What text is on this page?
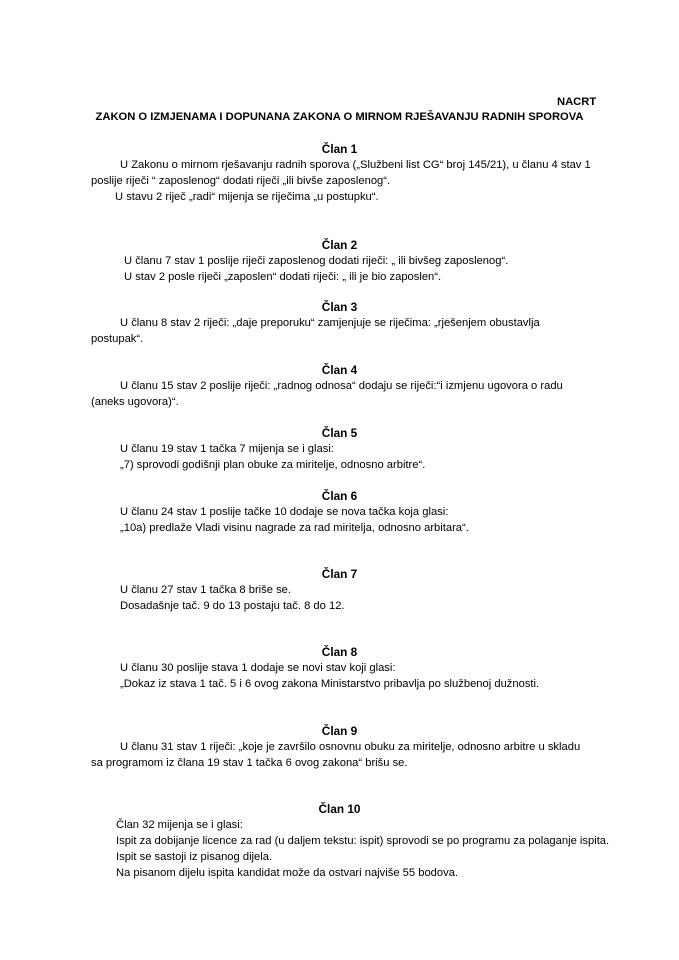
NACRT
ZAKON O IZMJENAMA I DOPUNANA ZAKONA O MIRNOM RJEŠAVANJU RADNIH SPOROVA
Član 1
U Zakonu o mirnom rješavanju radnih sporova („Službeni list CG“ broj 145/21), u članu 4 stav 1
poslije riječi “ zaposlenog“ dodati riječi „ili bivše zaposlenog“.
U stavu 2 riječ „radi“ mijenja se riječima „u postupku“.
Član 2
U članu 7 stav 1 poslije riječi zaposlenog dodati riječi: „ ili bivšeg zaposlenog“.
U stav 2 posle riječi „zaposlen“ dodati riječi: „ ili je bio zaposlen“.
Član 3
U članu 8 stav 2 riječi: „daje preporuku“ zamjenjuje se riječima: „rješenjem obustavlja
postupak“.
Član 4
U članu 15 stav 2 poslije riječi: „radnog odnosa“ dodaju se riječi:“i izmjenu ugovora o radu
(aneks ugovora)“.
Član 5
U članu 19 stav 1 tačka 7 mijenja se i glasi:
„7) sprovodi godišnji plan obuke za miritelje, odnosno arbitre“.
Član 6
U članu 24 stav 1 poslije tačke 10 dodaje se nova tačka koja glasi:
„10a) predlaže Vladi visinu nagrade za rad miritelja, odnosno arbitara“.
Član 7
U članu 27 stav 1 tačka 8 briše se.
Dosadašnje tač. 9 do 13 postaju tač. 8 do 12.
Član 8
U članu 30 poslije stava 1 dodaje se novi stav koji glasi:
„Dokaz iz stava 1 tač. 5 i 6 ovog zakona Ministarstvo pribavlja po službenoj dužnosti.
Član 9
U članu 31 stav 1 riječi: „koje je završilo osnovnu obuku za miritelje, odnosno arbitre u skladu
sa programom iz člana 19 stav 1 tačka 6 ovog zakona“ brišu se.
Član 10
Član 32 mijenja se i glasi:
Ispit za dobijanje licence za rad (u daljem tekstu: ispit) sprovodi se po programu za polaganje ispita.
Ispit se sastoji iz pisanog dijela.
Na pisanom dijelu ispita kandidat može da ostvari najviše 55 bodova.
